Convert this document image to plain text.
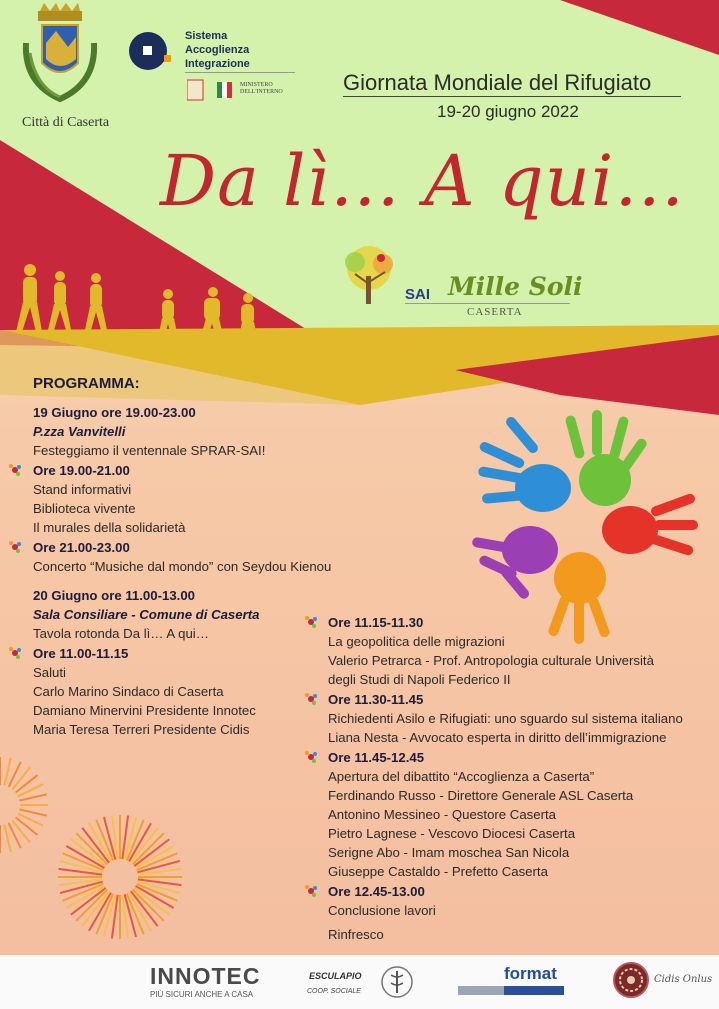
Sistema
Accoglienza
Integrazione
MINISTERO
DELL'INTERNO
Città di Caserta
Giornata Mondiale del Rifugiato
19-20 giugno 2022
Da lì… A qui…
SAI Mille Soli
CASERTA
PROGRAMMA:
19 Giugno ore 19.00-23.00
P.zza Vanvitelli
Festeggiamo il ventennale SPRAR-SAI!
Ore 19.00-21.00
Stand informativi
Biblioteca vivente
Il murales della solidarietà
Ore 21.00-23.00
Concerto “Musiche dal mondo” con Seydou Kienou
20 Giugno ore 11.00-13.00
Sala Consiliare - Comune di Caserta
Tavola rotonda Da lì… A qui…
Ore 11.00-11.15
Saluti
Carlo Marino Sindaco di Caserta
Damiano Minervini Presidente Innotec
Maria Teresa Terreri Presidente Cidis
Ore 11.15-11.30
La geopolitica delle migrazioni
Valerio Petrarca - Prof. Antropologia culturale Università
degli Studi di Napoli Federico II
Ore 11.30-11.45
Richiedenti Asilo e Rifugiati: uno sguardo sul sistema italiano
Liana Nesta - Avvocato esperta in diritto dell’immigrazione
Ore 11.45-12.45
Apertura del dibattito “Accoglienza a Caserta”
Ferdinando Russo - Direttore Generale ASL Caserta
Antonino Messineo - Questore Caserta
Pietro Lagnese - Vescovo Diocesi Caserta
Serigne Abo - Imam moschea San Nicola
Giuseppe Castaldo - Prefetto Caserta
Ore 12.45-13.00
Conclusione lavori
Rinfresco
INNOTEC
PIÙ SICURI ANCHE A CASA
ESCULAPIO
COOP. SOCIALE
format	Cidis Onlus
